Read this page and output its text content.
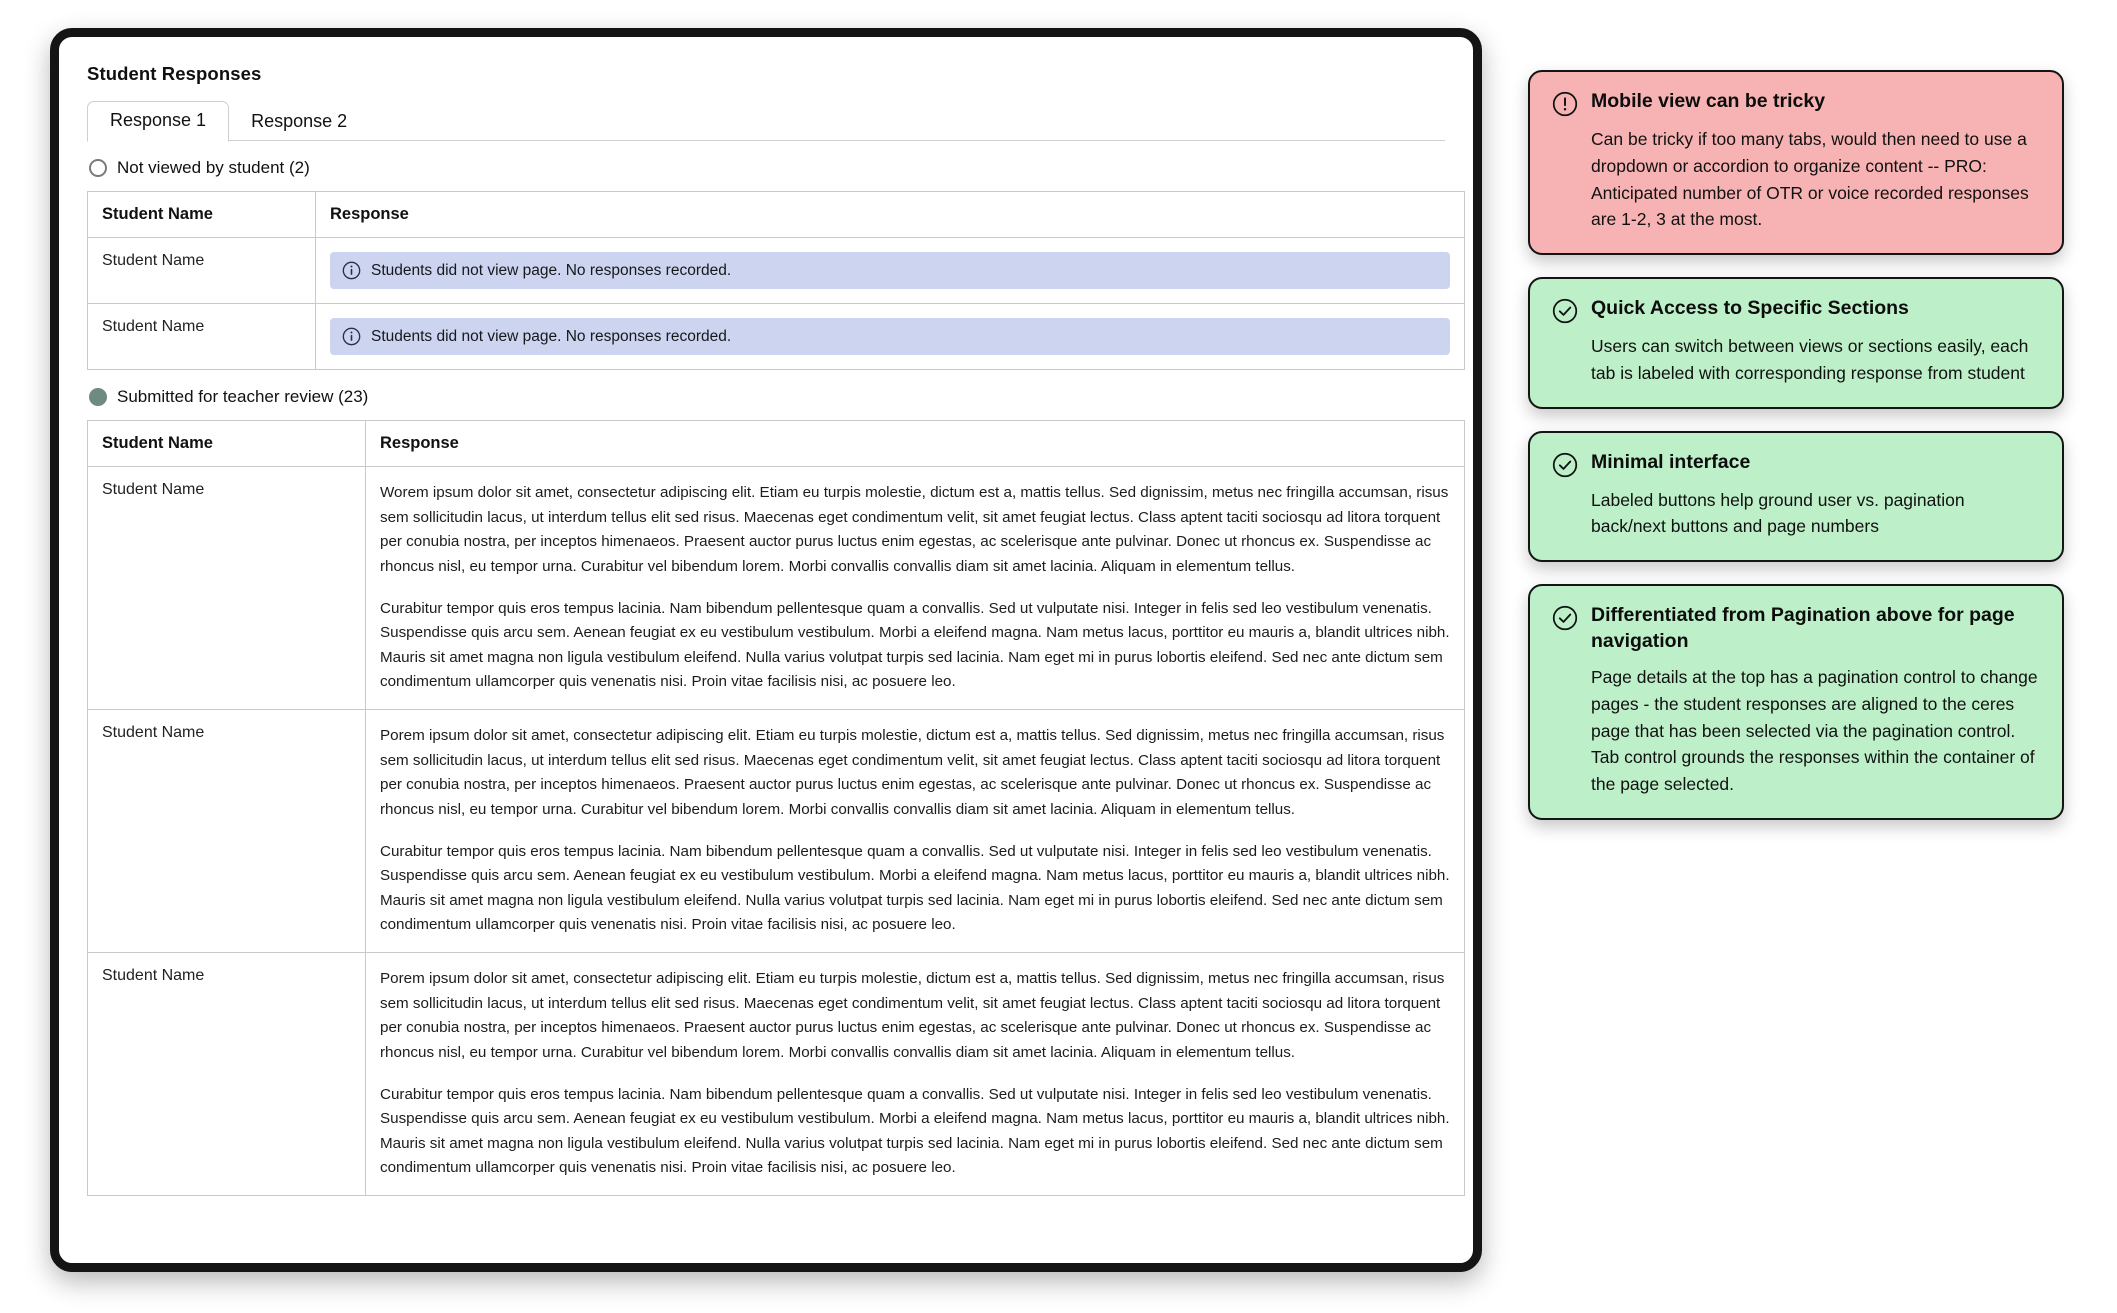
Student Responses
Response 1	Response 2
Not viewed by student (2)
Student Name	Response
Student Name	Students did not view page. No responses recorded.

Student Name	Students did not view page. No responses recorded.
Submitted for teacher review (23)
Student Name	Response
Student Name	Worem ipsum dolor sit amet, consectetur adipiscing elit. Etiam eu turpis molestie, dictum est a, mattis tellus. Sed dignissim, metus nec fringilla accumsan, risus sem sollicitudin lacus, ut interdum tellus elit sed risus. Maecenas eget condimentum velit, sit amet feugiat lectus. Class aptent taciti sociosqu ad litora torquent per conubia nostra, per inceptos himenaeos. Praesent auctor purus luctus enim egestas, ac scelerisque ante pulvinar. Donec ut rhoncus ex. Suspendisse ac rhoncus nisl, eu tempor urna. Curabitur vel bibendum lorem. Morbi convallis convallis diam sit amet lacinia. Aliquam in elementum tellus.

Curabitur tempor quis eros tempus lacinia. Nam bibendum pellentesque quam a convallis. Sed ut vulputate nisi. Integer in felis sed leo vestibulum venenatis. Suspendisse quis arcu sem. Aenean feugiat ex eu vestibulum vestibulum. Morbi a eleifend magna. Nam metus lacus, porttitor eu mauris a, blandit ultrices nibh. Mauris sit amet magna non ligula vestibulum eleifend. Nulla varius volutpat turpis sed lacinia. Nam eget mi in purus lobortis eleifend. Sed nec ante dictum sem condimentum ullamcorper quis venenatis nisi. Proin vitae facilisis nisi, ac posuere leo.

Student Name	Porem ipsum dolor sit amet, consectetur adipiscing elit. Etiam eu turpis molestie, dictum est a, mattis tellus. Sed dignissim, metus nec fringilla accumsan, risus sem sollicitudin lacus, ut interdum tellus elit sed risus. Maecenas eget condimentum velit, sit amet feugiat lectus. Class aptent taciti sociosqu ad litora torquent per conubia nostra, per inceptos himenaeos. Praesent auctor purus luctus enim egestas, ac scelerisque ante pulvinar. Donec ut rhoncus ex. Suspendisse ac rhoncus nisl, eu tempor urna. Curabitur vel bibendum lorem. Morbi convallis convallis diam sit amet lacinia. Aliquam in elementum tellus.

Curabitur tempor quis eros tempus lacinia. Nam bibendum pellentesque quam a convallis. Sed ut vulputate nisi. Integer in felis sed leo vestibulum venenatis. Suspendisse quis arcu sem. Aenean feugiat ex eu vestibulum vestibulum. Morbi a eleifend magna. Nam metus lacus, porttitor eu mauris a, blandit ultrices nibh. Mauris sit amet magna non ligula vestibulum eleifend. Nulla varius volutpat turpis sed lacinia. Nam eget mi in purus lobortis eleifend. Sed nec ante dictum sem condimentum ullamcorper quis venenatis nisi. Proin vitae facilisis nisi, ac posuere leo.

Student Name	Porem ipsum dolor sit amet, consectetur adipiscing elit. Etiam eu turpis molestie, dictum est a, mattis tellus. Sed dignissim, metus nec fringilla accumsan, risus sem sollicitudin lacus, ut interdum tellus elit sed risus. Maecenas eget condimentum velit, sit amet feugiat lectus. Class aptent taciti sociosqu ad litora torquent per conubia nostra, per inceptos himenaeos. Praesent auctor purus luctus enim egestas, ac scelerisque ante pulvinar. Donec ut rhoncus ex. Suspendisse ac rhoncus nisl, eu tempor urna. Curabitur vel bibendum lorem. Morbi convallis convallis diam sit amet lacinia. Aliquam in elementum tellus.

Curabitur tempor quis eros tempus lacinia. Nam bibendum pellentesque quam a convallis. Sed ut vulputate nisi. Integer in felis sed leo vestibulum venenatis. Suspendisse quis arcu sem. Aenean feugiat ex eu vestibulum vestibulum. Morbi a eleifend magna. Nam metus lacus, porttitor eu mauris a, blandit ultrices nibh. Mauris sit amet magna non ligula vestibulum eleifend. Nulla varius volutpat turpis sed lacinia. Nam eget mi in purus lobortis eleifend. Sed nec ante dictum sem condimentum ullamcorper quis venenatis nisi. Proin vitae facilisis nisi, ac posuere leo.

Mobile view can be tricky
Can be tricky if too many tabs, would then need to use a dropdown or accordion to organize content -- PRO: Anticipated number of OTR or voice recorded responses are 1-2, 3 at the most.
Quick Access to Specific Sections
Users can switch between views or sections easily, each tab is labeled with corresponding response from student
Minimal interface
Labeled buttons help ground user vs. pagination back/next buttons and page numbers
Differentiated from Pagination above for page navigation
Page details at the top has a pagination control to change pages - the student responses are aligned to the ceres page that has been selected via the pagination control. Tab control grounds the responses within the container of the page selected.
